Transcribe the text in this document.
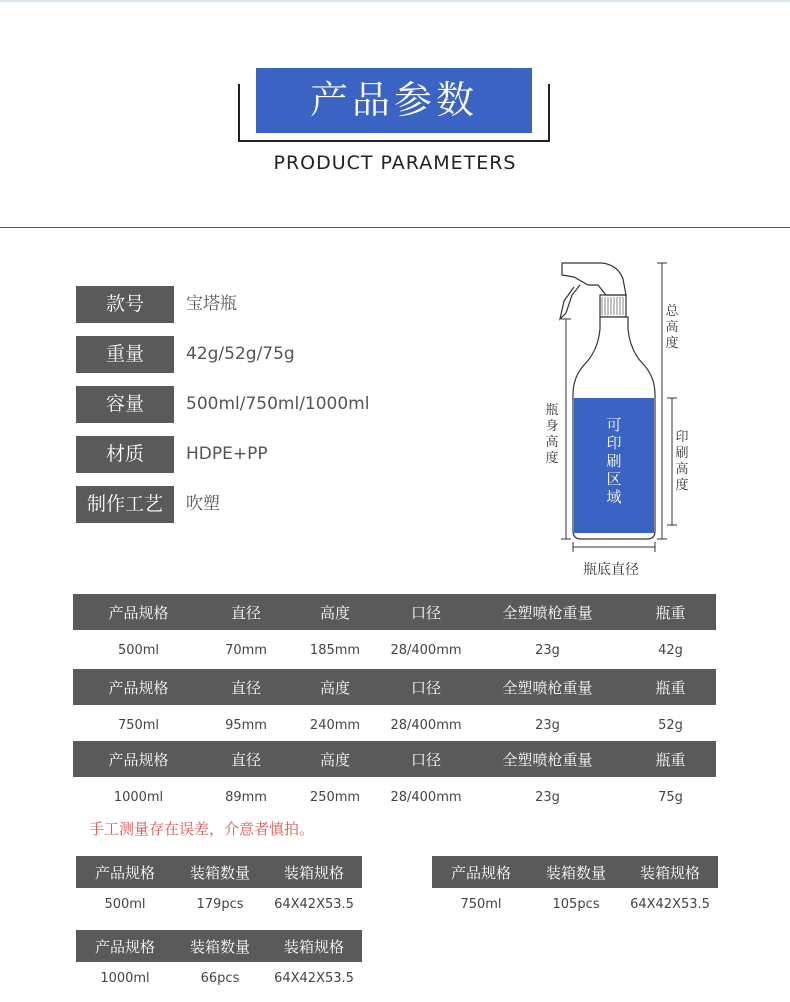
产品参数
PRODUCT PARAMETERS
款号	宝塔瓶
重量	42g/52g/75g
容量	500ml/750ml/1000ml
材质	HDPE+PP
制作工艺	吹塑
总高度
瓶身高度
印刷高度
可印刷区域
瓶底直径
产品规格	直径	高度	口径	全塑喷枪重量	瓶重
500ml	70mm	185mm	28/400mm	23g	42g
产品规格	直径	高度	口径	全塑喷枪重量	瓶重
750ml	95mm	240mm	28/400mm	23g	52g
产品规格	直径	高度	口径	全塑喷枪重量	瓶重
1000ml	89mm	250mm	28/400mm	23g	75g
手工测量存在误差，介意者慎拍。
产品规格	装箱数量	装箱规格
500ml	179pcs	64X42X53.5
产品规格	装箱数量	装箱规格
750ml	105pcs	64X42X53.5
产品规格	装箱数量	装箱规格
1000ml	66pcs	64X42X53.5
